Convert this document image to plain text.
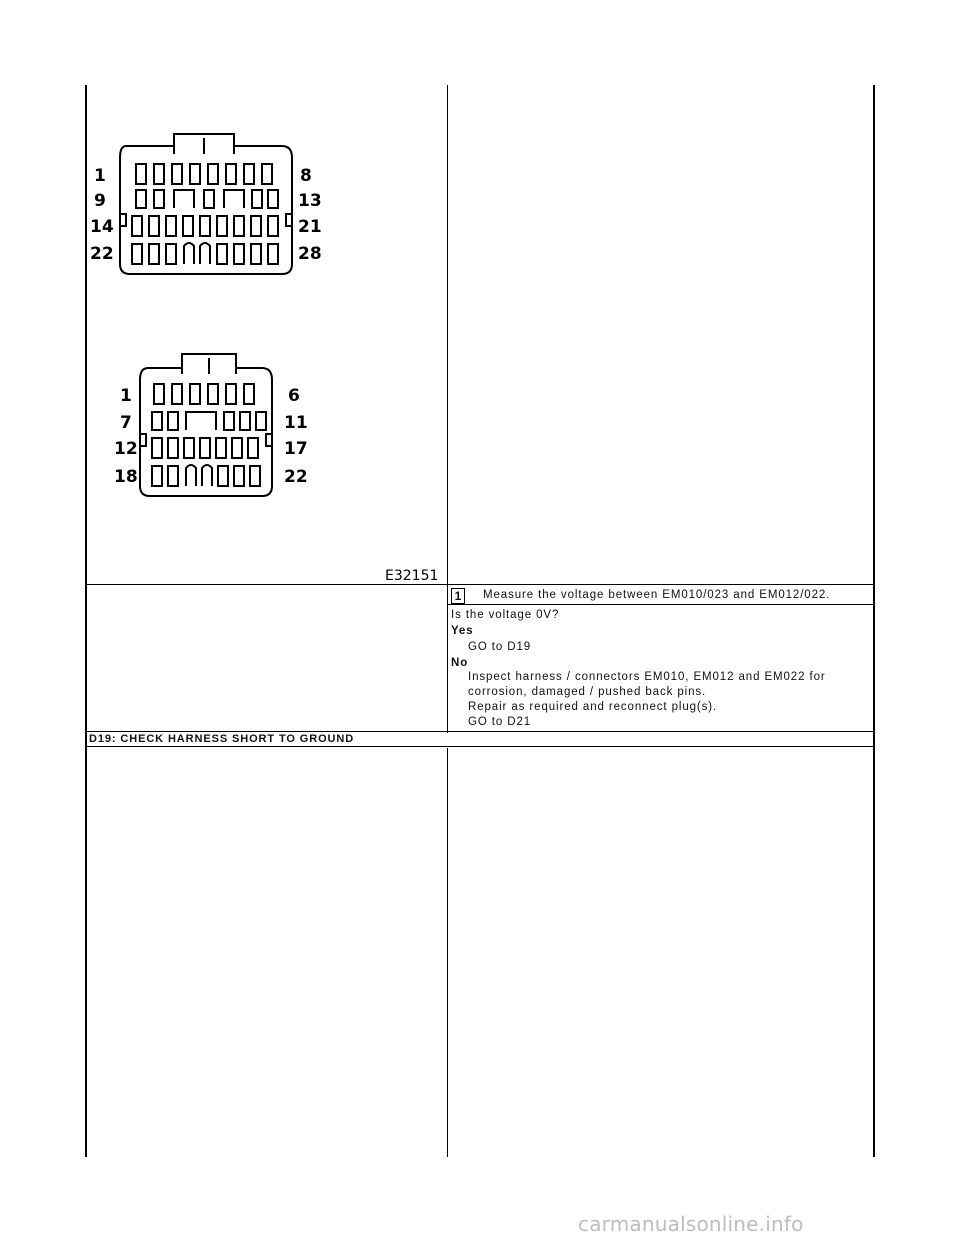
1
9
14
22
8
13
21
28
1
7
12
18
6
11
17
22
E32151
1	Measure the voltage between EM010/023 and EM012/022.
Is the voltage 0V?
Yes
GO to D19
No
Inspect harness / connectors EM010, EM012 and EM022 for
corrosion, damaged / pushed back pins.
Repair as required and reconnect plug(s).
GO to D21
D19: CHECK HARNESS SHORT TO GROUND
carmanualsonline.info
